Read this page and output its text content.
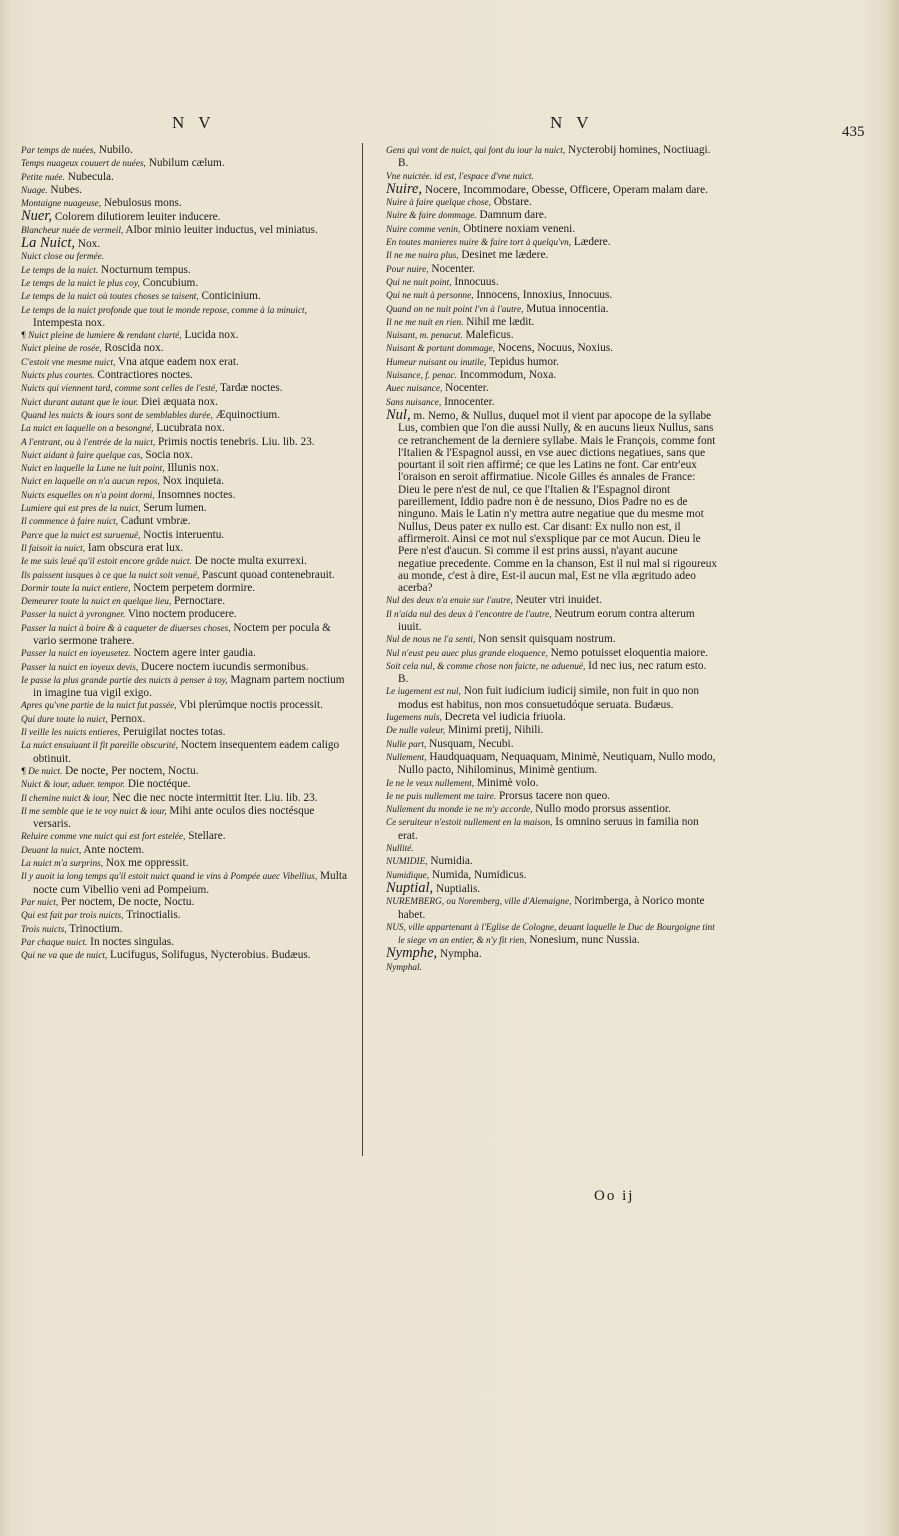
N V	N V	435

Par temps de nuées, Nubilo.

Temps nuageux couuert de nuées, Nubilum cælum.

Petite nuée. Nubecula.

Nuage. Nubes.

Montaigne nuageuse, Nebulosus mons.

Nuer, Colorem dilutiorem leuiter inducere.

Blancheur nuée de vermeil, Albor minio leuiter inductus, vel miniatus.

La Nuict, Nox.

Nuict close ou fermée.

Le temps de la nuict. Nocturnum tempus.

Le temps de la nuict le plus coy, Concubium.

Le temps de la nuict où toutes choses se taisent, Conticinium.

Le temps de la nuict profonde que tout le monde repose, comme à la minuict, Intempesta nox.

¶ Nuict pleine de lumiere & rendant clarté, Lucida nox.

Nuict pleine de rosée, Roscida nox.

C'estoit vne mesme nuict, Vna atque eadem nox erat.

Nuicts plus courtes. Contractiores noctes.

Nuicts qui viennent tard, comme sont celles de l'esté, Tardæ noctes.

Nuict durant autant que le iour. Diei æquata nox.

Quand les nuicts & iours sont de semblables durée, Æquinoctium.

La nuict en laquelle on a besongné, Lucubrata nox.

A l'entrant, ou à l'entrée de la nuict, Primis noctis tenebris. Liu. lib. 23.

Nuict aidant à faire quelque cas, Socia nox.

Nuict en laquelle la Lune ne luit point, Illunis nox.

Nuict en laquelle on n'a aucun repos, Nox inquieta.

Nuicts esquelles on n'a point dormi, Insomnes noctes.

Lumiere qui est pres de la nuict, Serum lumen.

Il commence à faire nuict, Cadunt vmbræ.

Parce que la nuict est suruenuë, Noctis interuentu.

Il faisoit ia nuict, Iam obscura erat lux.

Ie me suis leué qu'il estoit encore grãde nuict. De nocte multa exurrexi.

Ils paissent iusques à ce que la nuict soit venuë, Pascunt quoad contenebrauit.

Dormir toute la nuict entiere, Noctem perpetem dormire.

Demeurer toute la nuict en quelque lieu, Pernoctare.

Passer la nuict à yvrongner. Vino noctem producere.

Passer la nuict à boire & à caqueter de diuerses choses, Noctem per pocula & vario sermone trahere.

Passer la nuict en ioyeusetez. Noctem agere inter gaudia.

Passer la nuict en ioyeux devis, Ducere noctem iucundis sermonibus.

Ie passe la plus grande partie des nuicts à penser à toy, Magnam partem noctium in imagine tua vigil exigo.

Apres qu'vne partie de la nuict fut passée, Vbi plerúmque noctis processit.

Qui dure toute la nuict, Pernox.

Il veille les nuicts entieres, Peruigilat noctes totas.

La nuict ensuiuant il fit pareille obscurité, Noctem insequentem eadem caligo obtinuit.

¶ De nuict. De nocte, Per noctem, Noctu.

Nuict & iour, aduer. tempor. Die noctéque.

Il chemine nuict & iour, Nec die nec nocte intermittit Iter. Liu. lib. 23.

Il me semble que ie te voy nuict & iour, Mihi ante oculos dies noctésque versaris.

Reluire comme vne nuict qui est fort estelée, Stellare.

Deuant la nuict, Ante noctem.

La nuict m'a surprins, Nox me oppressit.

Il y auoit ia long temps qu'il estoit nuict quand ie vins à Pompée auec Vibellius, Multa nocte cum Vibellio veni ad Pompeium.

Par nuict, Per noctem, De nocte, Noctu.

Qui est fait par trois nuicts, Trinoctialis.

Trois nuicts, Trinoctium.

Par chaque nuict. In noctes singulas.

Qui ne va que de nuict, Lucifugus, Solifugus, Nycterobius. Budæus.

Gens qui vont de nuict, qui font du iour la nuict, Nycterobij homines, Noctiuagi. B.

Vne nuictée. id est, l'espace d'vne nuict.

Nuire, Nocere, Incommodare, Obesse, Officere, Operam malam dare.

Nuire à faire quelque chose, Obstare.

Nuire & faire dommage. Damnum dare.

Nuire comme venin, Obtinere noxiam veneni.

En toutes manieres nuire & faire tort à quelqu'vn, Lædere.

Il ne me nuira plus, Desinet me lædere.

Pour nuire, Nocenter.

Qui ne nuit point, Innocuus.

Qui ne nuit à personne, Innocens, Innoxius, Innocuus.

Quand on ne nuit point l'vn à l'autre, Mutua innocentia.

Il ne me nuit en rien. Nihil me lædit.

Nuisant, m. penacut. Maleficus.

Nuisant & portant dommage, Nocens, Nocuus, Noxius.

Humeur nuisant ou inutile, Tepidus humor.

Nuisance, f. penac. Incommodum, Noxa.

Auec nuisance, Nocenter.

Sans nuisance, Innocenter.

Nul, m. Nemo, & Nullus, duquel mot il vient par apocope de la syllabe Lus, combien que l'on die aussi Nully, & en aucuns lieux Nullus, sans ce retranchement de la derniere syllabe. Mais le François, comme font l'Italien & l'Espagnol aussi, en vse auec dictions negatiues, sans que pourtant il soit rien affirmé; ce que les Latins ne font. Car entr'eux l'oraison en seroit affirmatiue. Nicole Gilles és annales de France: Dieu le pere n'est de nul, ce que l'Italien & l'Espagnol diront pareillement, Iddio padre non è de nessuno, Dios Padre no es de ninguno. Mais le Latin n'y mettra autre negatiue que du mesme mot Nullus, Deus pater ex nullo est. Car disant: Ex nullo non est, il affirmeroit. Ainsi ce mot nul s'exsplique par ce mot Aucun. Dieu le Pere n'est d'aucun. Si comme il est prins aussi, n'ayant aucune negatiue precedente. Comme en la chanson, Est il nul mal si rigoureux au monde, c'est à dire, Est-il aucun mal, Est ne vlla ægritudo adeo acerba?

Nul des deux n'a enuie sur l'autre, Neuter vtri inuidet.

Il n'aida nul des deux à l'encontre de l'autre, Neutrum eorum contra alterum iuuit.

Nul de nous ne l'a senti, Non sensit quisquam nostrum.

Nul n'eust peu auec plus grande eloquence, Nemo potuisset eloquentia maiore.

Soit cela nul, & comme chose non faicte, ne aduenuë, Id nec ius, nec ratum esto. B.

Le iugement est nul, Non fuit iudicium iudicij simile, non fuit in quo non modus est habitus, non mos consuetudóque seruata. Budæus.

Iugemens nuls, Decreta vel iudicia friuola.

De nulle valeur, Minimi pretij, Nihili.

Nulle part, Nusquam, Necubi.

Nullement, Haudquaquam, Nequaquam, Minimè, Neutiquam, Nullo modo, Nullo pacto, Nihilominus, Minimè gentium.

Ie ne le veux nullement, Minimè volo.

Ie ne puis nullement me taire. Prorsus tacere non queo.

Nullement du monde ie ne m'y accorde, Nullo modo prorsus assentior.

Ce seruiteur n'estoit nullement en la maison, Is omnino seruus in familia non erat.

Nullité.

NUMIDIE, Numidia.

Numidique, Numida, Numidicus.

Nuptial, Nuptialis.

NUREMBERG, ou Noremberg, ville d'Alemaigne, Norimberga, à Norico monte habet.

NUS, ville appartenant à l'Eglise de Cologne, deuant laquelle le Duc de Bourgoigne tint le siege vn an entier, & n'y fit rien, Nonesium, nunc Nussia.

Nymphe, Nympha.

Nymphal.

Oo ij
